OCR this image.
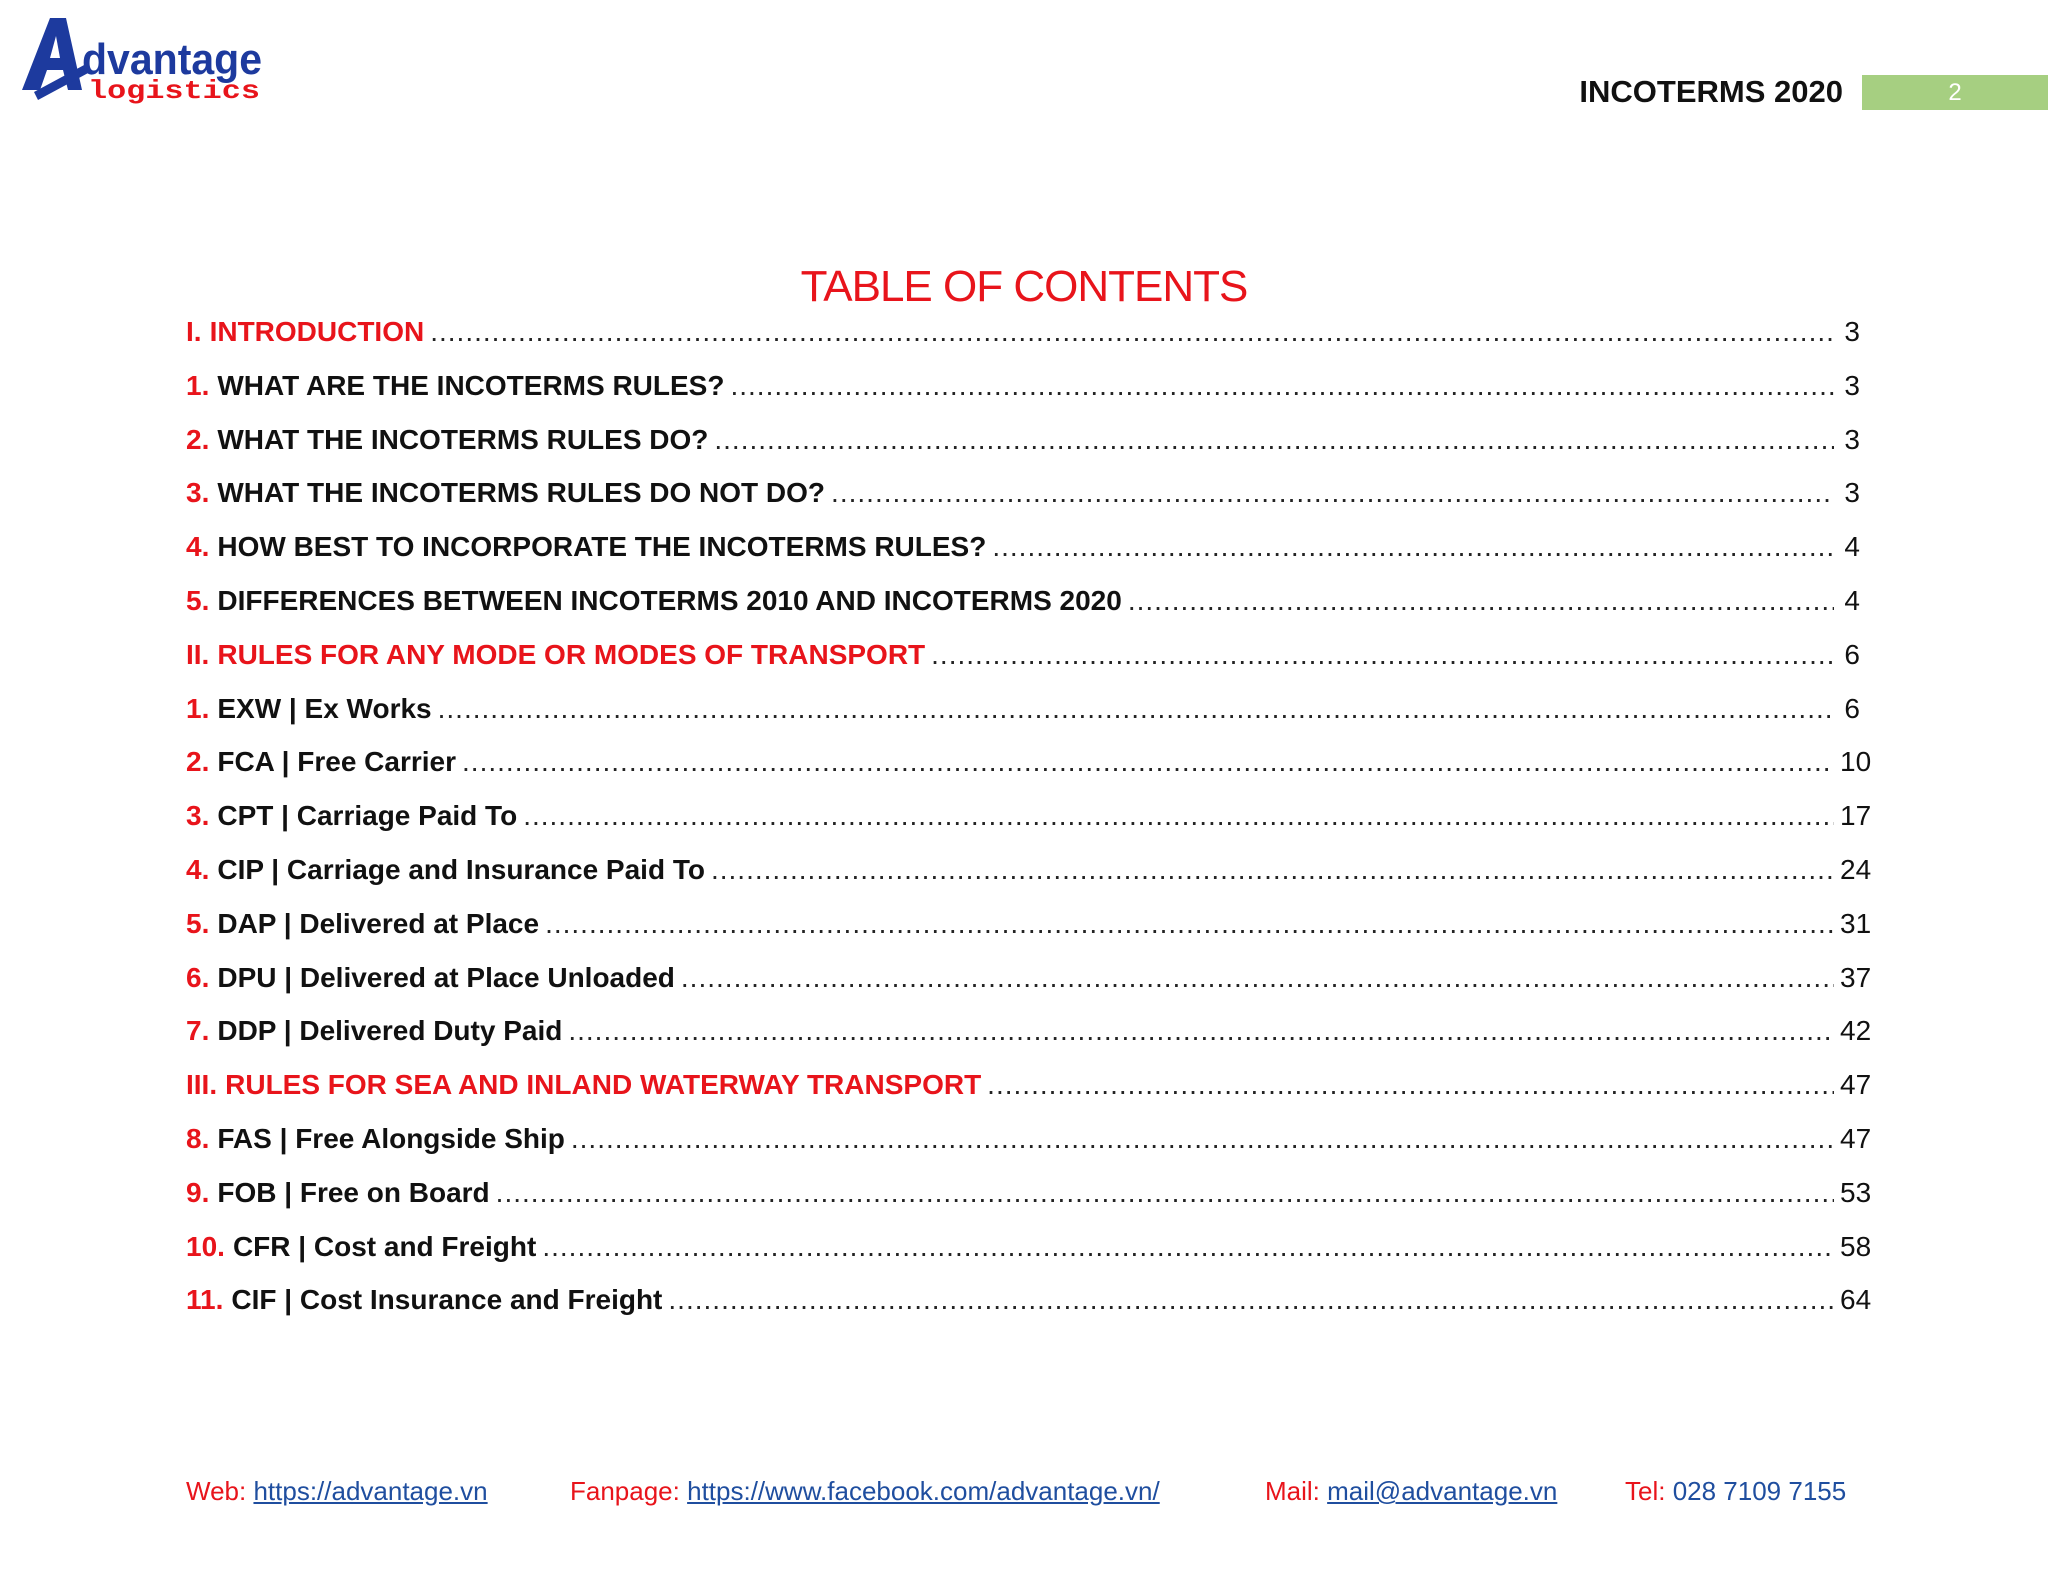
dvantage
logistics	INCOTERMS 2020	2
TABLE OF CONTENTS
I. INTRODUCTION .....	3
1. WHAT ARE THE INCOTERMS RULES? .....	3
2. WHAT THE INCOTERMS RULES DO? .....	3
3. WHAT THE INCOTERMS RULES DO NOT DO? .....	3
4. HOW BEST TO INCORPORATE THE INCOTERMS RULES? .....	4
5. DIFFERENCES BETWEEN INCOTERMS 2010 AND INCOTERMS 2020 .....	4
II. RULES FOR ANY MODE OR MODES OF TRANSPORT .....	6
1. EXW | Ex Works .....	6
2. FCA | Free Carrier .....	10
3. CPT | Carriage Paid To .....	17
4. CIP | Carriage and Insurance Paid To .....	24
5. DAP | Delivered at Place .....	31
6. DPU | Delivered at Place Unloaded .....	37
7. DDP | Delivered Duty Paid .....	42
III. RULES FOR SEA AND INLAND WATERWAY TRANSPORT .....	47
8. FAS | Free Alongside Ship .....	47
9. FOB | Free on Board .....	53
10. CFR | Cost and Freight .....	58
11. CIF | Cost Insurance and Freight .....	64
Web: https://advantage.vn	Fanpage: https://www.facebook.com/advantage.vn/	Mail: mail@advantage.vn	Tel: 028 7109 7155
